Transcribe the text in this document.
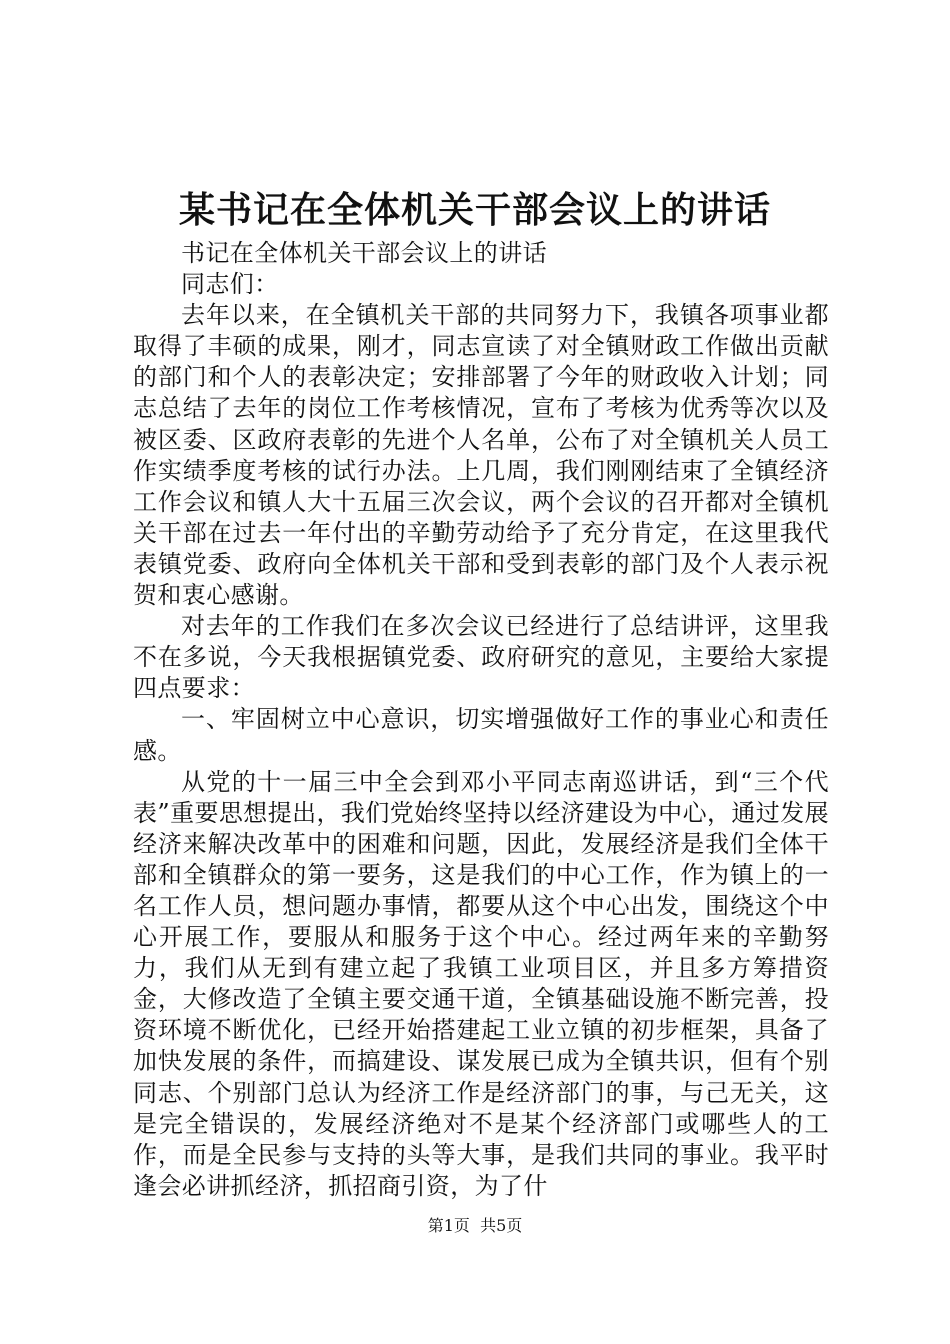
某书记在全体机关干部会议上的讲话

书记在全体机关干部会议上的讲话

同志们：

去年以来，在全镇机关干部的共同努力下，我镇各项事业都取得了丰硕的成果，刚才，同志宣读了对全镇财政工作做出贡献的部门和个人的表彰决定；安排部署了今年的财政收入计划；同志总结了去年的岗位工作考核情况，宣布了考核为优秀等次以及被区委、区政府表彰的先进个人名单，公布了对全镇机关人员工作实绩季度考核的试行办法。上几周，我们刚刚结束了全镇经济工作会议和镇人大十五届三次会议，两个会议的召开都对全镇机关干部在过去一年付出的辛勤劳动给予了充分肯定，在这里我代表镇党委、政府向全体机关干部和受到表彰的部门及个人表示祝贺和衷心感谢。

对去年的工作我们在多次会议已经进行了总结讲评，这里我不在多说，今天我根据镇党委、政府研究的意见，主要给大家提四点要求：

一、牢固树立中心意识，切实增强做好工作的事业心和责任感。

从党的十一届三中全会到邓小平同志南巡讲话，到“三个代表”重要思想提出，我们党始终坚持以经济建设为中心，通过发展经济来解决改革中的困难和问题，因此，发展经济是我们全体干部和全镇群众的第一要务，这是我们的中心工作，作为镇上的一名工作人员，想问题办事情，都要从这个中心出发，围绕这个中心开展工作，要服从和服务于这个中心。经过两年来的辛勤努力，我们从无到有建立起了我镇工业项目区，并且多方筹措资金，大修改造了全镇主要交通干道，全镇基础设施不断完善，投资环境不断优化，已经开始搭建起工业立镇的初步框架，具备了加快发展的条件，而搞建设、谋发展已成为全镇共识，但有个别同志、个别部门总认为经济工作是经济部门的事，与己无关，这是完全错误的，发展经济绝对不是某个经济部门或哪些人的工作，而是全民参与支持的头等大事，是我们共同的事业。我平时逢会必讲抓经济，抓招商引资，为了什

第1页 共5页
